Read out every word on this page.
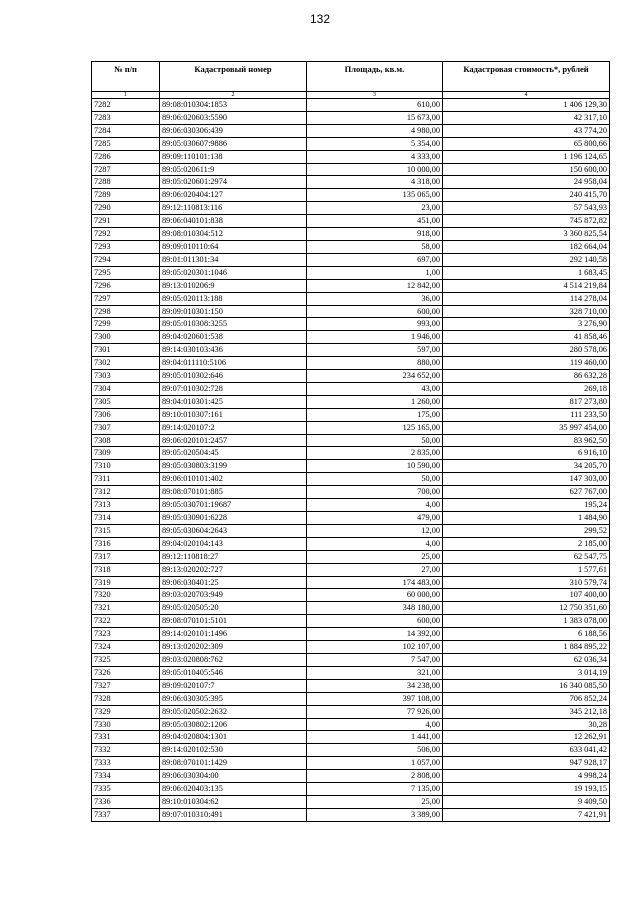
132
№ п/п	Кадастровый номер	Площадь, кв.м.	Кадастровая стоимость*, рублей
1	2	3	4
7282	89:08:010304:1853	610,00	1 406 129,30
7283	89:06:020603:5590	15 673,00	42 317,10
7284	89:06:030306:439	4 980,00	43 774,20
7285	89:05:030607:9886	5 354,00	65 800,66
7286	89:09:110101:138	4 333,00	1 196 124,65
7287	89:05:020611:9	10 000,00	150 600,00
7288	89:05:020601:2974	4 318,00	24 958,04
7289	89:06:020404:127	135 065,00	240 415,70
7290	89:12:110813:116	23,00	57 543,93
7291	89:06:040101:838	451,00	745 872,82
7292	89:08:010304:512	918,00	3 360 825,54
7293	89:09:010110:64	58,00	182 664,04
7294	89:01:011301:34	697,00	292 140,58
7295	89:05:020301:1046	1,00	1 683,45
7296	89:13:010206:9	12 842,00	4 514 219,84
7297	89:05:020113:188	36,00	114 278,04
7298	89:09:010301:150	600,00	328 710,00
7299	89:05:010308:3255	993,00	3 276,90
7300	89:04:020601:538	1 946,00	41 858,46
7301	89:14:030103:436	597,00	280 578,06
7302	89:04:011110:5106	880,00	119 460,00
7303	89:05:010302:646	234 652,00	86 632,28
7304	89:07:010302:728	43,00	269,18
7305	89:04:010301:425	1 260,00	817 273,80
7306	89:10:010307:161	175,00	111 233,50
7307	89:14:020107:2	125 165,00	35 997 454,00
7308	89:06:020101:2457	50,00	83 962,50
7309	89:05:020504:45	2 835,00	6 916,10
7310	89:05:030803:3199	10 590,00	34 205,70
7311	89:06:010101:402	50,00	147 303,00
7312	89:08:070101:885	700,00	627 767,00
7313	89:05:030701:19687	4,00	195,24
7314	89:05:030901:6228	479,00	1 484,90
7315	89:05:030604:2643	12,00	299,52
7316	89:04:020104:143	4,00	2 185,00
7317	89:12:110818:27	25,00	62 547,75
7318	89:13:020202:727	27,00	1 577,61
7319	89:06:030401:25	174 483,00	310 579,74
7320	89:03:020703:949	60 000,00	107 400,00
7321	89:05:020505:20	348 180,00	12 750 351,60
7322	89:08:070101:5101	600,00	1 383 078,00
7323	89:14:020101:1496	14 392,00	6 188,56
7324	89:13:020202:309	102 107,00	1 884 895,22
7325	89:03:020808:762	7 547,00	62 036,34
7326	89:05:010405:546	321,00	3 014,19
7327	89:09:020107:7	34 238,00	16 340 085,50
7328	89:06:030305:395	397 108,00	706 852,24
7329	89:05:020502:2632	77 926,00	345 212,18
7330	89:05:030802:1206	4,00	30,28
7331	89:04:020804:1301	1 441,00	12 262,91
7332	89:14:020102:530	506,00	633 041,42
7333	89:08:070101:1429	1 057,00	947 928,17
7334	89:06:030304:00	2 808,00	4 998,24
7335	89:06:020403:135	7 135,00	19 193,15
7336	89:10:010304:62	25,00	9 409,50
7337	89:07:010310:491	3 389,00	7 421,91
